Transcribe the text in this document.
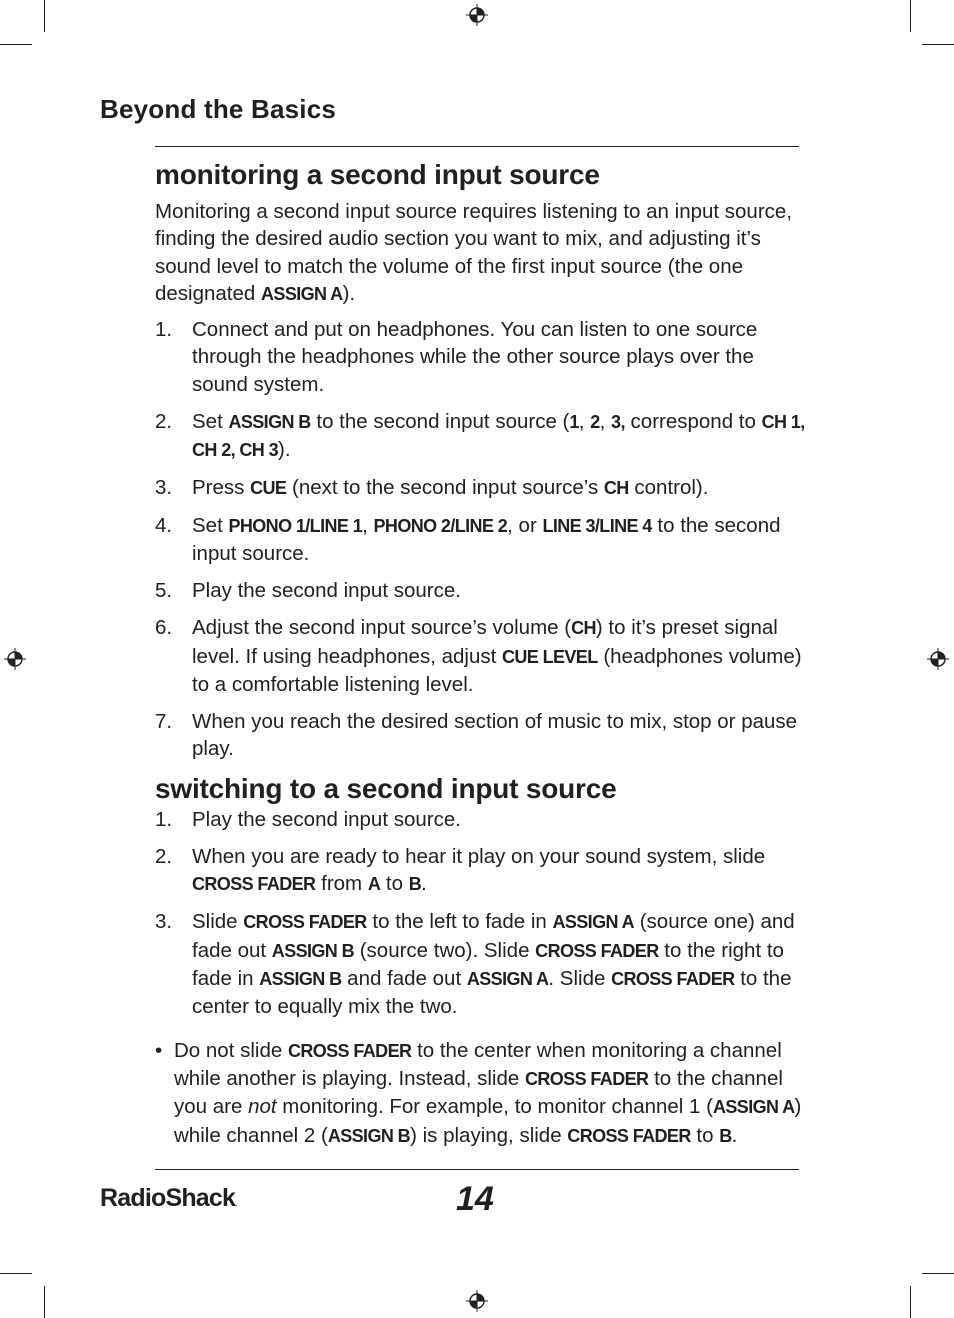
Beyond the Basics
monitoring a second input source

Monitoring a second input source requires listening to an input source, finding the desired audio section you want to mix, and adjusting it’s sound level to match the volume of the first input source (the one designated ASSIGN A).

1. Connect and put on headphones. You can listen to one source through the headphones while the other source plays over the sound system.
2. Set ASSIGN B to the second input source (1, 2, 3, correspond to CH 1, CH 2, CH 3).
3. Press CUE (next to the second input source’s CH control).
4. Set PHONO 1/LINE 1, PHONO 2/LINE 2, or LINE 3/LINE 4 to the second input source.
5. Play the second input source.
6. Adjust the second input source’s volume (CH) to it’s preset signal level. If using headphones, adjust CUE LEVEL (headphones volume) to a comfortable listening level.
7. When you reach the desired section of music to mix, stop or pause play.
switching to a second input source
1. Play the second input source.
2. When you are ready to hear it play on your sound system, slide CROSS FADER from A to B.
3. Slide CROSS FADER to the left to fade in ASSIGN A (source one) and fade out ASSIGN B (source two). Slide CROSS FADER to the right to fade in ASSIGN B and fade out ASSIGN A. Slide CROSS FADER to the center to equally mix the two.
• Do not slide CROSS FADER to the center when monitoring a channel while another is playing. Instead, slide CROSS FADER to the channel you are not monitoring. For example, to monitor channel 1 (ASSIGN A) while channel 2 (ASSIGN B) is playing, slide CROSS FADER to B.
RadioShack.	14
